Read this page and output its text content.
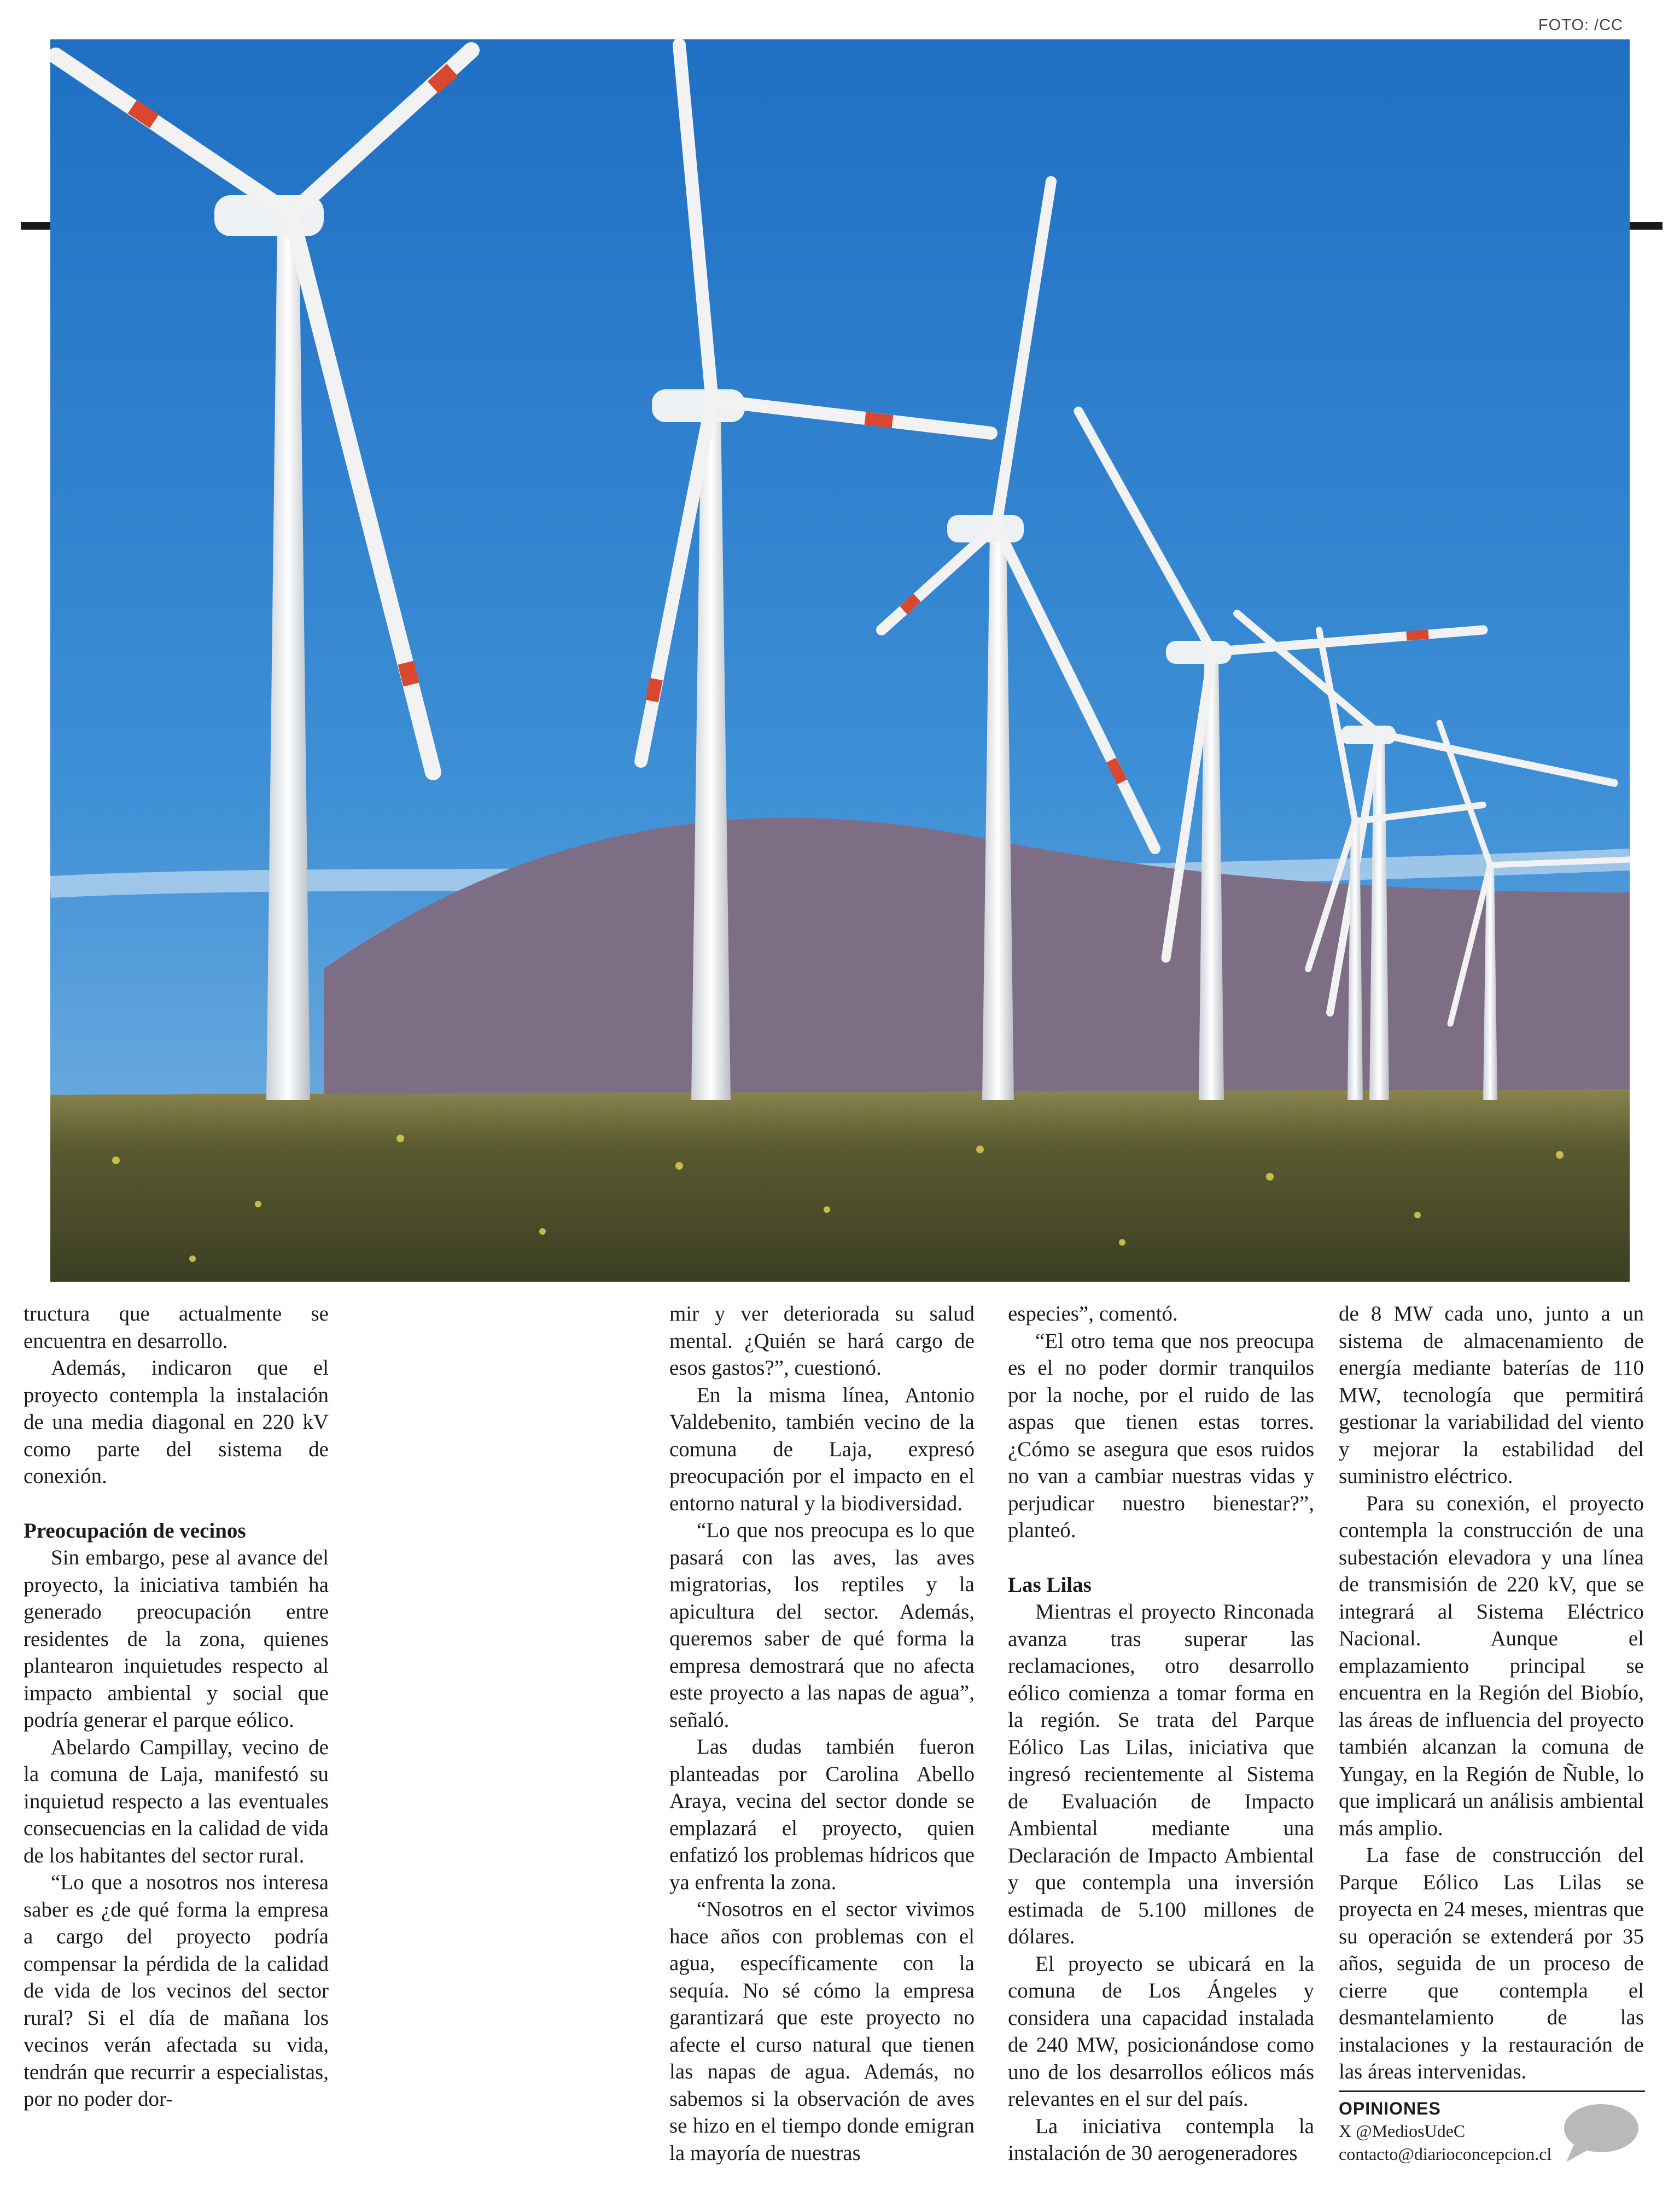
FOTO: /CC

tructura que actualmente se encuentra en desarrollo.

Además, indicaron que el proyecto contempla la instalación de una media diagonal en 220 kV como parte del sistema de conexión.

Preocupación de vecinos

Sin embargo, pese al avance del proyecto, la iniciativa también ha generado preocupación entre residentes de la zona, quienes plantearon inquietudes respecto al impacto ambiental y social que podría generar el parque eólico.

Abelardo Campillay, vecino de la comuna de Laja, manifestó su inquietud respecto a las eventuales consecuencias en la calidad de vida de los habitantes del sector rural.

“Lo que a nosotros nos interesa saber es ¿de qué forma la empresa a cargo del proyecto podría compensar la pérdida de la calidad de vida de los vecinos del sector rural? Si el día de mañana los vecinos verán afectada su vida, tendrán que recurrir a especialistas, por no poder dor-

mir y ver deteriorada su salud mental. ¿Quién se hará cargo de esos gastos?”, cuestionó.

En la misma línea, Antonio Valdebenito, también vecino de la comuna de Laja, expresó preocupación por el impacto en el entorno natural y la biodiversidad.

“Lo que nos preocupa es lo que pasará con las aves, las aves migratorias, los reptiles y la apicultura del sector. Además, queremos saber de qué forma la empresa demostrará que no afecta este proyecto a las napas de agua”, señaló.

Las dudas también fueron planteadas por Carolina Abello Araya, vecina del sector donde se emplazará el proyecto, quien enfatizó los problemas hídricos que ya enfrenta la zona.

“Nosotros en el sector vivimos hace años con problemas con el agua, específicamente con la sequía. No sé cómo la empresa garantizará que este proyecto no afecte el curso natural que tienen las napas de agua. Además, no sabemos si la observación de aves se hizo en el tiempo donde emigran la mayoría de nuestras

especies”, comentó.

“El otro tema que nos preocupa es el no poder dormir tranquilos por la noche, por el ruido de las aspas que tienen estas torres. ¿Cómo se asegura que esos ruidos no van a cambiar nuestras vidas y perjudicar nuestro bienestar?”, planteó.

Las Lilas

Mientras el proyecto Rinconada avanza tras superar las reclamaciones, otro desarrollo eólico comienza a tomar forma en la región. Se trata del Parque Eólico Las Lilas, iniciativa que ingresó recientemente al Sistema de Evaluación de Impacto Ambiental mediante una Declaración de Impacto Ambiental y que contempla una inversión estimada de 5.100 millones de dólares.

El proyecto se ubicará en la comuna de Los Ángeles y considera una capacidad instalada de 240 MW, posicionándose como uno de los desarrollos eólicos más relevantes en el sur del país.

La iniciativa contempla la instalación de 30 aerogeneradores

de 8 MW cada uno, junto a un sistema de almacenamiento de energía mediante baterías de 110 MW, tecnología que permitirá gestionar la variabilidad del viento y mejorar la estabilidad del suministro eléctrico.

Para su conexión, el proyecto contempla la construcción de una subestación elevadora y una línea de transmisión de 220 kV, que se integrará al Sistema Eléctrico Nacional. Aunque el emplazamiento principal se encuentra en la Región del Biobío, las áreas de influencia del proyecto también alcanzan la comuna de Yungay, en la Región de Ñuble, lo que implicará un análisis ambiental más amplio.

La fase de construcción del Parque Eólico Las Lilas se proyecta en 24 meses, mientras que su operación se extenderá por 35 años, seguida de un proceso de cierre que contempla el desmantelamiento de las instalaciones y la restauración de las áreas intervenidas.

OPINIONES
X @MediosUdeC
contacto@diarioconcepcion.cl
